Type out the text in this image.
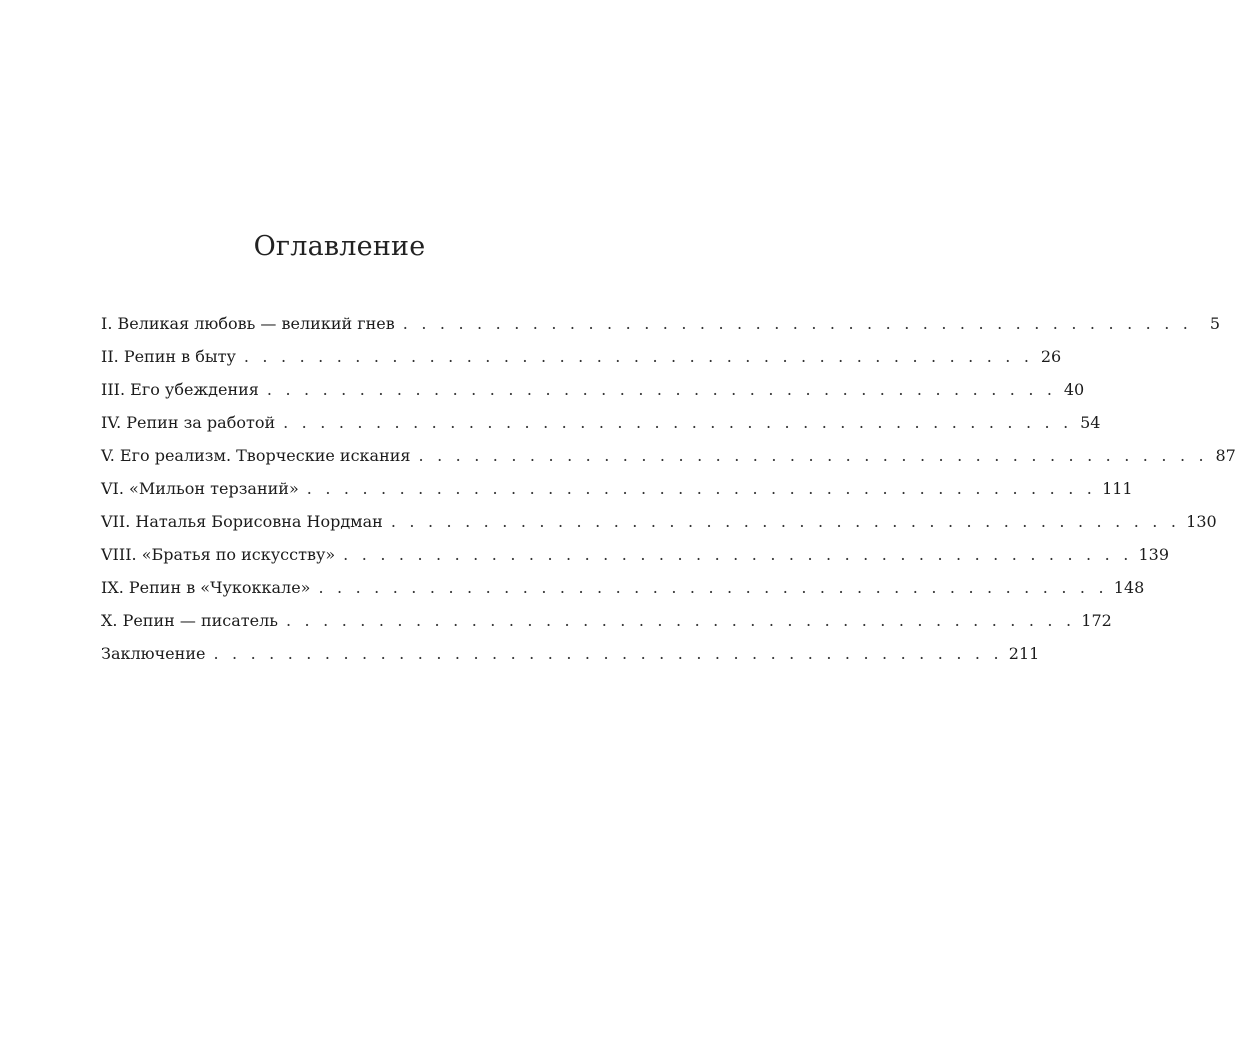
Оглавление
I. Великая любовь — великий гнев . . . . . . . . . . . . . . . . . . . . . . . . . . . . . . . . . . . . . . . . . . .	5
II. Репин в быту . . . . . . . . . . . . . . . . . . . . . . . . . . . . . . . . . . . . . . . . . . . 26
III. Его убеждения . . . . . . . . . . . . . . . . . . . . . . . . . . . . . . . . . . . . . . . . . . . 40
IV. Репин за работой . . . . . . . . . . . . . . . . . . . . . . . . . . . . . . . . . . . . . . . . . . . 54
V. Его реализм. Творческие искания . . . . . . . . . . . . . . . . . . . . . . . . . . . . . . . . . . . . . . . . . . . 87
VI. «Мильон терзаний» . . . . . . . . . . . . . . . . . . . . . . . . . . . . . . . . . . . . . . . . . . . 111
VII. Наталья Борисовна Нордман . . . . . . . . . . . . . . . . . . . . . . . . . . . . . . . . . . . . . . . . . . . 130
VIII. «Братья по искусству» . . . . . . . . . . . . . . . . . . . . . . . . . . . . . . . . . . . . . . . . . . . 139
IX. Репин в «Чукоккале» . . . . . . . . . . . . . . . . . . . . . . . . . . . . . . . . . . . . . . . . . . . 148
X. Репин — писатель . . . . . . . . . . . . . . . . . . . . . . . . . . . . . . . . . . . . . . . . . . . 172
Заключение . . . . . . . . . . . . . . . . . . . . . . . . . . . . . . . . . . . . . . . . . . . 211
